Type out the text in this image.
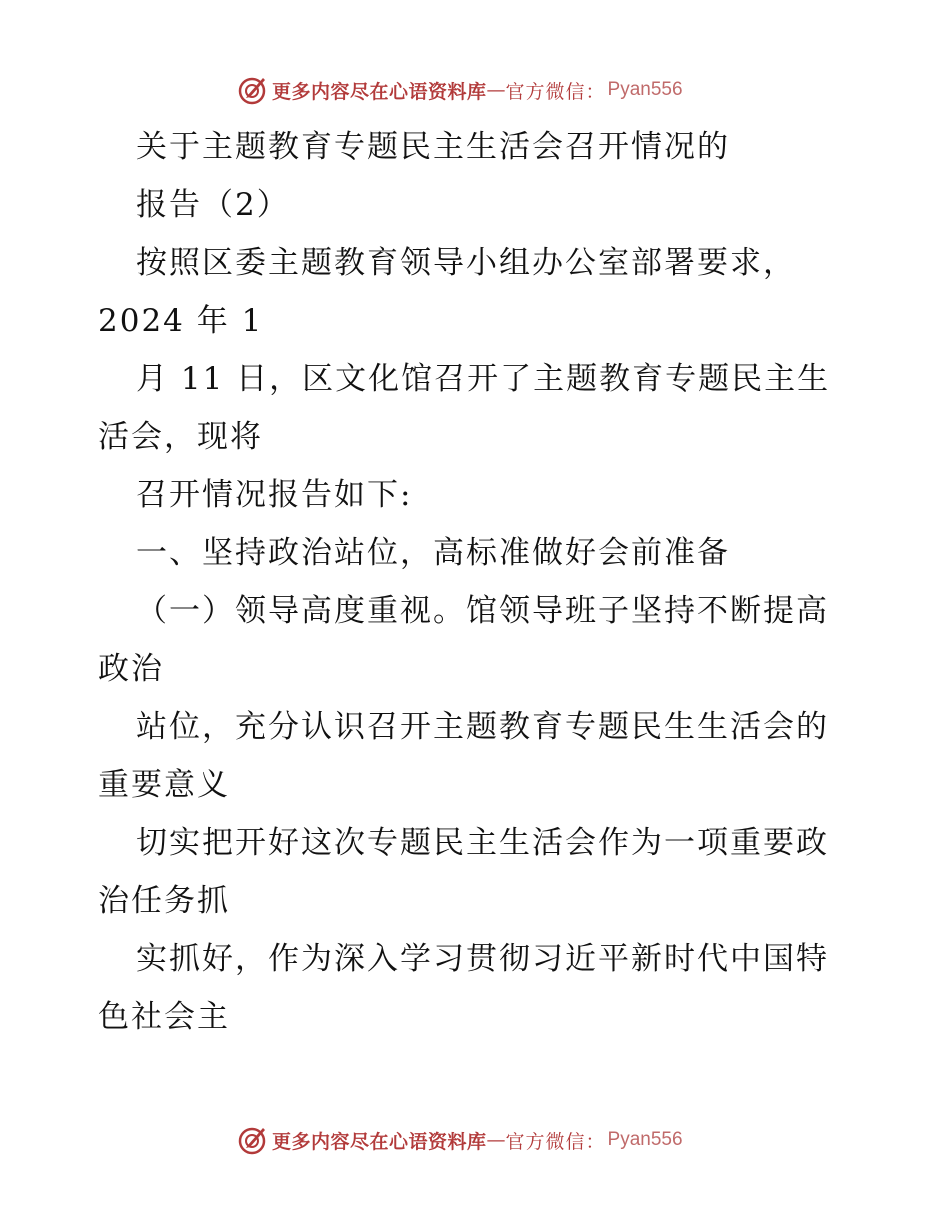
更多内容尽在心语资料库 — 官方微信： Pyan556

关于主题教育专题民主生活会召开情况的

报告（2）

按照区委主题教育领导小组办公室部署要求，

2024 年 1

月 11 日，区文化馆召开了主题教育专题民主生

活会，现将

召开情况报告如下:

一、坚持政治站位，高标准做好会前准备

（一）领导高度重视。馆领导班子坚持不断提高

政治

站位，充分认识召开主题教育专题民生生活会的

重要意义

切实把开好这次专题民主生活会作为一项重要政

治任务抓

实抓好，作为深入学习贯彻习近平新时代中国特

色社会主

更多内容尽在心语资料库 — 官方微信： Pyan556
